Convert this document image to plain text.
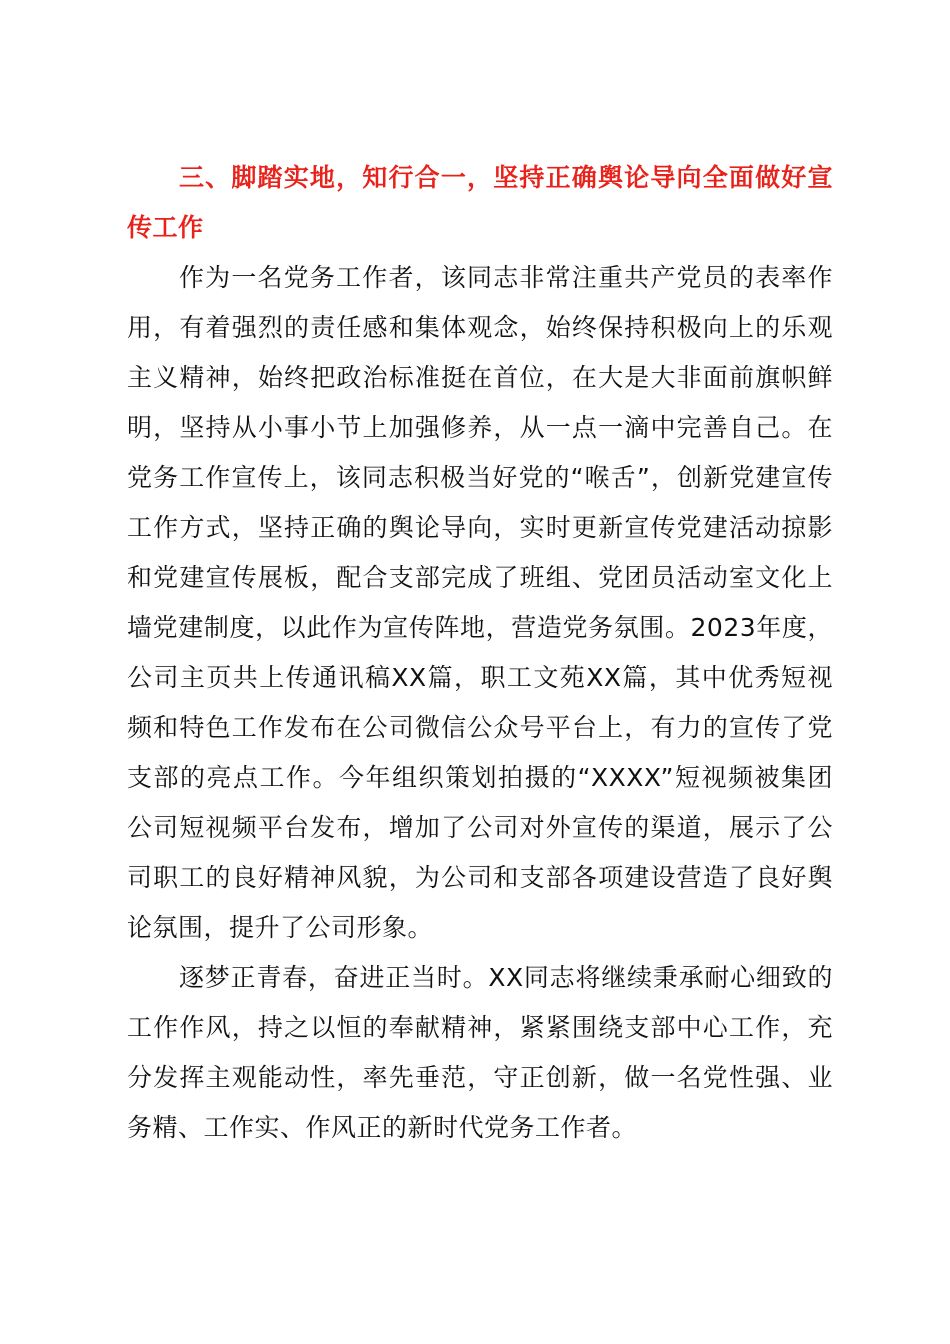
三、脚踏实地，知行合一，坚持正确舆论导向全面做好宣传工作

作为一名党务工作者，该同志非常注重共产党员的表率作用，有着强烈的责任感和集体观念，始终保持积极向上的乐观主义精神，始终把政治标准挺在首位，在大是大非面前旗帜鲜明，坚持从小事小节上加强修养，从一点一滴中完善自己。在党务工作宣传上，该同志积极当好党的“喉舌”，创新党建宣传工作方式，坚持正确的舆论导向，实时更新宣传党建活动掠影和党建宣传展板，配合支部完成了班组、党团员活动室文化上墙党建制度，以此作为宣传阵地，营造党务氛围。2023年度，公司主页共上传通讯稿XX篇，职工文苑XX篇，其中优秀短视频和特色工作发布在公司微信公众号平台上，有力的宣传了党支部的亮点工作。今年组织策划拍摄的“XXXX”短视频被集团公司短视频平台发布，增加了公司对外宣传的渠道，展示了公司职工的良好精神风貌，为公司和支部各项建设营造了良好舆论氛围，提升了公司形象。

逐梦正青春，奋进正当时。XX同志将继续秉承耐心细致的工作作风，持之以恒的奉献精神，紧紧围绕支部中心工作，充分发挥主观能动性，率先垂范，守正创新，做一名党性强、业务精、工作实、作风正的新时代党务工作者。
